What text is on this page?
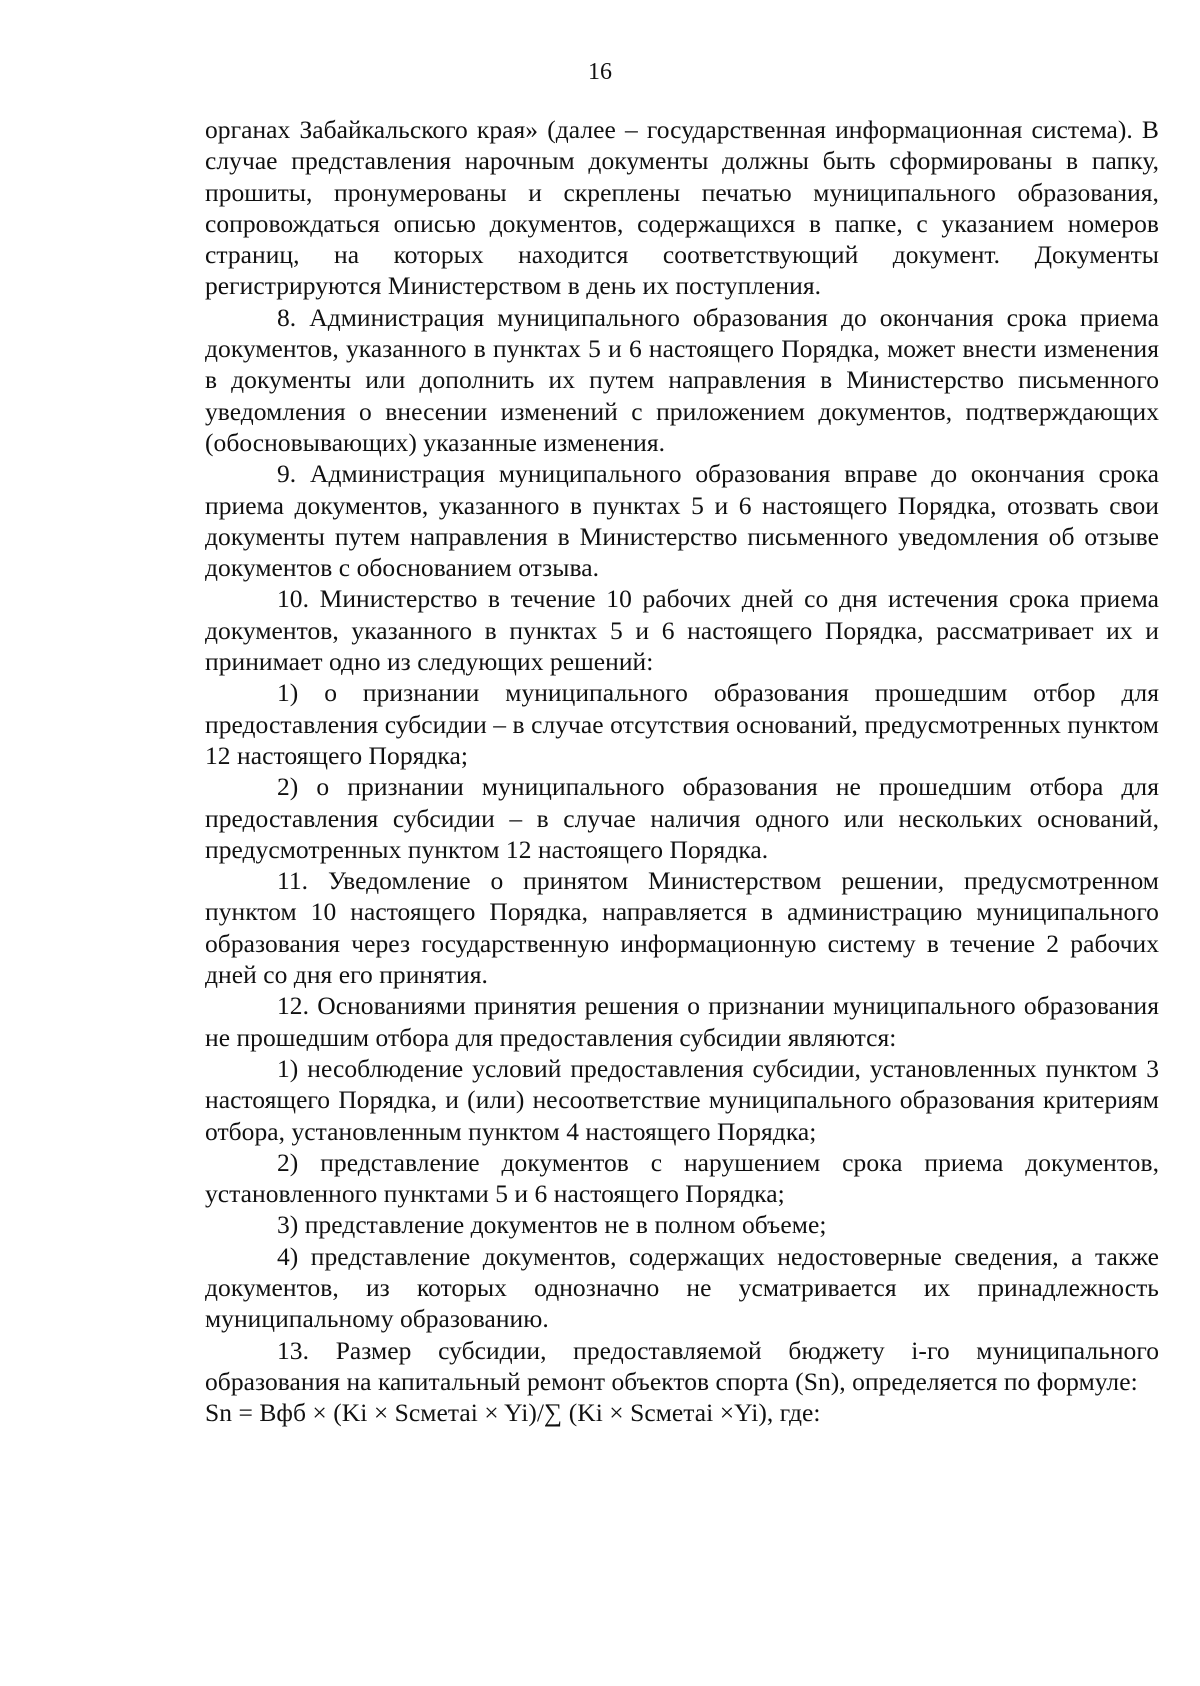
16

органах Забайкальского края» (далее – государственная информационная система). В случае представления нарочным документы должны быть сформированы в папку, прошиты, пронумерованы и скреплены печатью муниципального образования, сопровождаться описью документов, содержащихся в папке, с указанием номеров страниц, на которых находится соответствующий документ. Документы регистрируются Министерством в день их поступления.

8. Администрация муниципального образования до окончания срока приема документов, указанного в пунктах 5 и 6 настоящего Порядка, может внести изменения в документы или дополнить их путем направления в Министерство письменного уведомления о внесении изменений с приложением документов, подтверждающих (обосновывающих) указанные изменения.

9. Администрация муниципального образования вправе до окончания срока приема документов, указанного в пунктах 5 и 6 настоящего Порядка, отозвать свои документы путем направления в Министерство письменного уведомления об отзыве документов с обоснованием отзыва.

10. Министерство в течение 10 рабочих дней со дня истечения срока приема документов, указанного в пунктах 5 и 6 настоящего Порядка, рассматривает их и принимает одно из следующих решений:

1) о признании муниципального образования прошедшим отбор для предоставления субсидии – в случае отсутствия оснований, предусмотренных пунктом 12 настоящего Порядка;

2) о признании муниципального образования не прошедшим отбора для предоставления субсидии – в случае наличия одного или нескольких оснований, предусмотренных пунктом 12 настоящего Порядка.

11. Уведомление о принятом Министерством решении, предусмотренном пунктом 10 настоящего Порядка, направляется в администрацию муниципального образования через государственную информационную систему в течение 2 рабочих дней со дня его принятия.

12. Основаниями принятия решения о признании муниципального образования не прошедшим отбора для предоставления субсидии являются:

1) несоблюдение условий предоставления субсидии, установленных пунктом 3 настоящего Порядка, и (или) несоответствие муниципального образования критериям отбора, установленным пунктом 4 настоящего Порядка;

2) представление документов с нарушением срока приема документов, установленного пунктами 5 и 6 настоящего Порядка;

3) представление документов не в полном объеме;

4) представление документов, содержащих недостоверные сведения, а также документов, из которых однозначно не усматривается их принадлежность муниципальному образованию.

13. Размер субсидии, предоставляемой бюджету i-го муниципального образования на капитальный ремонт объектов спорта (Sn), определяется по формуле:

Sn = Вфб × (Ki × Sсметаi × Yi)/∑ (Ki × Sсметаi ×Yi), где:
